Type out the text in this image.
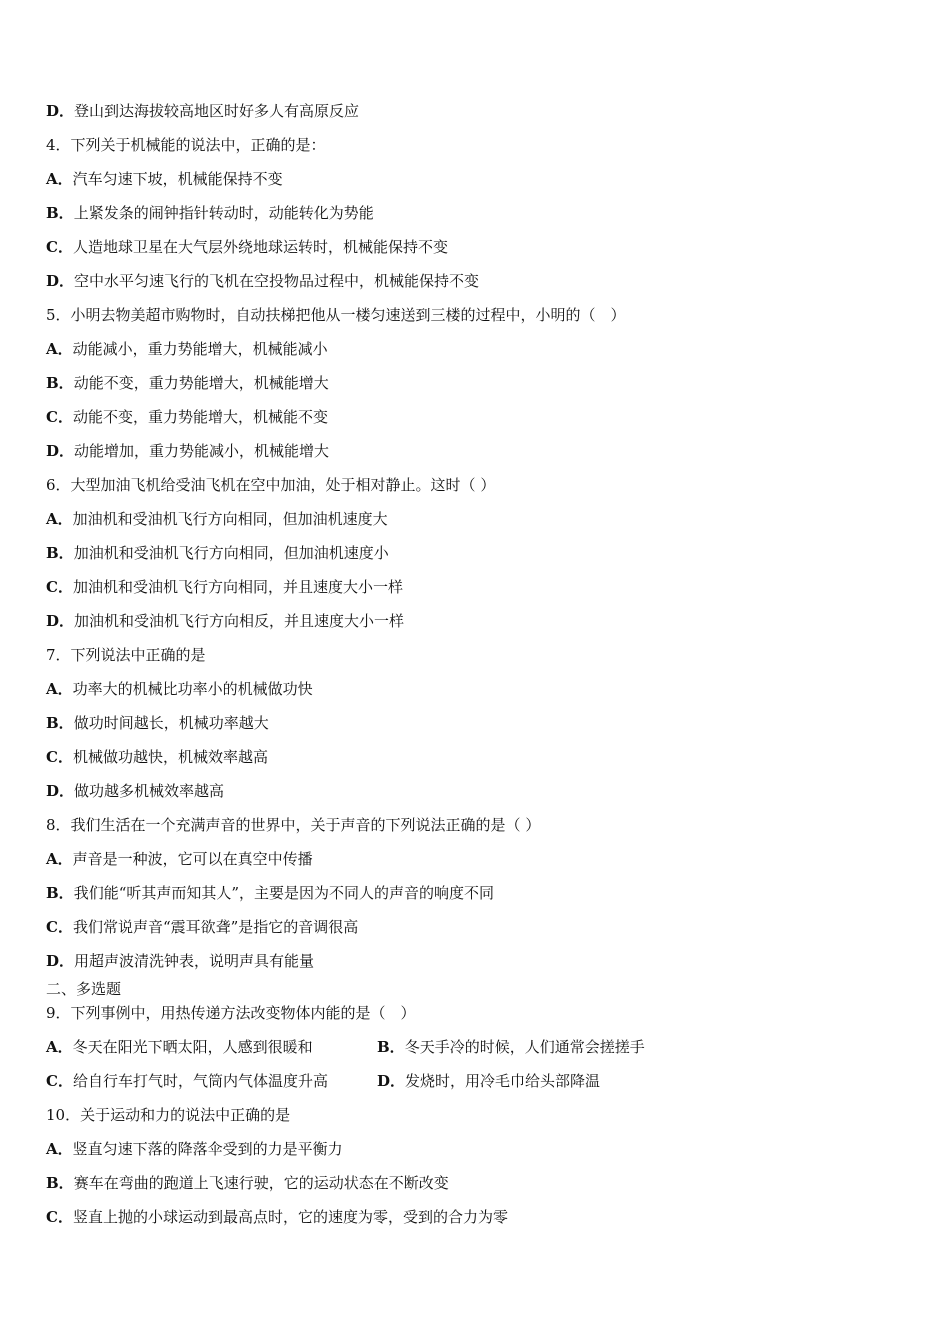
D．登山到达海拔较高地区时好多人有高原反应
4．下列关于机械能的说法中，正确的是：
A．汽车匀速下坡，机械能保持不变
B．上紧发条的闹钟指针转动时，动能转化为势能
C．人造地球卫星在大气层外绕地球运转时，机械能保持不变
D．空中水平匀速飞行的飞机在空投物品过程中，机械能保持不变
5．小明去物美超市购物时，自动扶梯把他从一楼匀速送到三楼的过程中，小明的（　）
A．动能减小，重力势能增大，机械能减小
B．动能不变，重力势能增大，机械能增大
C．动能不变，重力势能增大，机械能不变
D．动能增加，重力势能减小，机械能增大
6．大型加油飞机给受油飞机在空中加油，处于相对静止。这时（ ）
A．加油机和受油机飞行方向相同，但加油机速度大
B．加油机和受油机飞行方向相同，但加油机速度小
C．加油机和受油机飞行方向相同，并且速度大小一样
D．加油机和受油机飞行方向相反，并且速度大小一样
7．下列说法中正确的是
A．功率大的机械比功率小的机械做功快
B．做功时间越长，机械功率越大
C．机械做功越快，机械效率越高
D．做功越多机械效率越高
8．我们生活在一个充满声音的世界中，关于声音的下列说法正确的是（ ）
A．声音是一种波，它可以在真空中传播
B．我们能“听其声而知其人”，主要是因为不同人的声音的响度不同
C．我们常说声音“震耳欲聋”是指它的音调很高
D．用超声波清洗钟表，说明声具有能量
二、多选题
9．下列事例中，用热传递方法改变物体内能的是（　）
A．冬天在阳光下晒太阳，人感到很暖和	B．冬天手冷的时候，人们通常会搓搓手
C．给自行车打气时，气筒内气体温度升高	D．发烧时，用冷毛巾给头部降温
10．关于运动和力的说法中正确的是
A．竖直匀速下落的降落伞受到的力是平衡力
B．赛车在弯曲的跑道上飞速行驶，它的运动状态在不断改变
C．竖直上抛的小球运动到最高点时，它的速度为零，受到的合力为零
